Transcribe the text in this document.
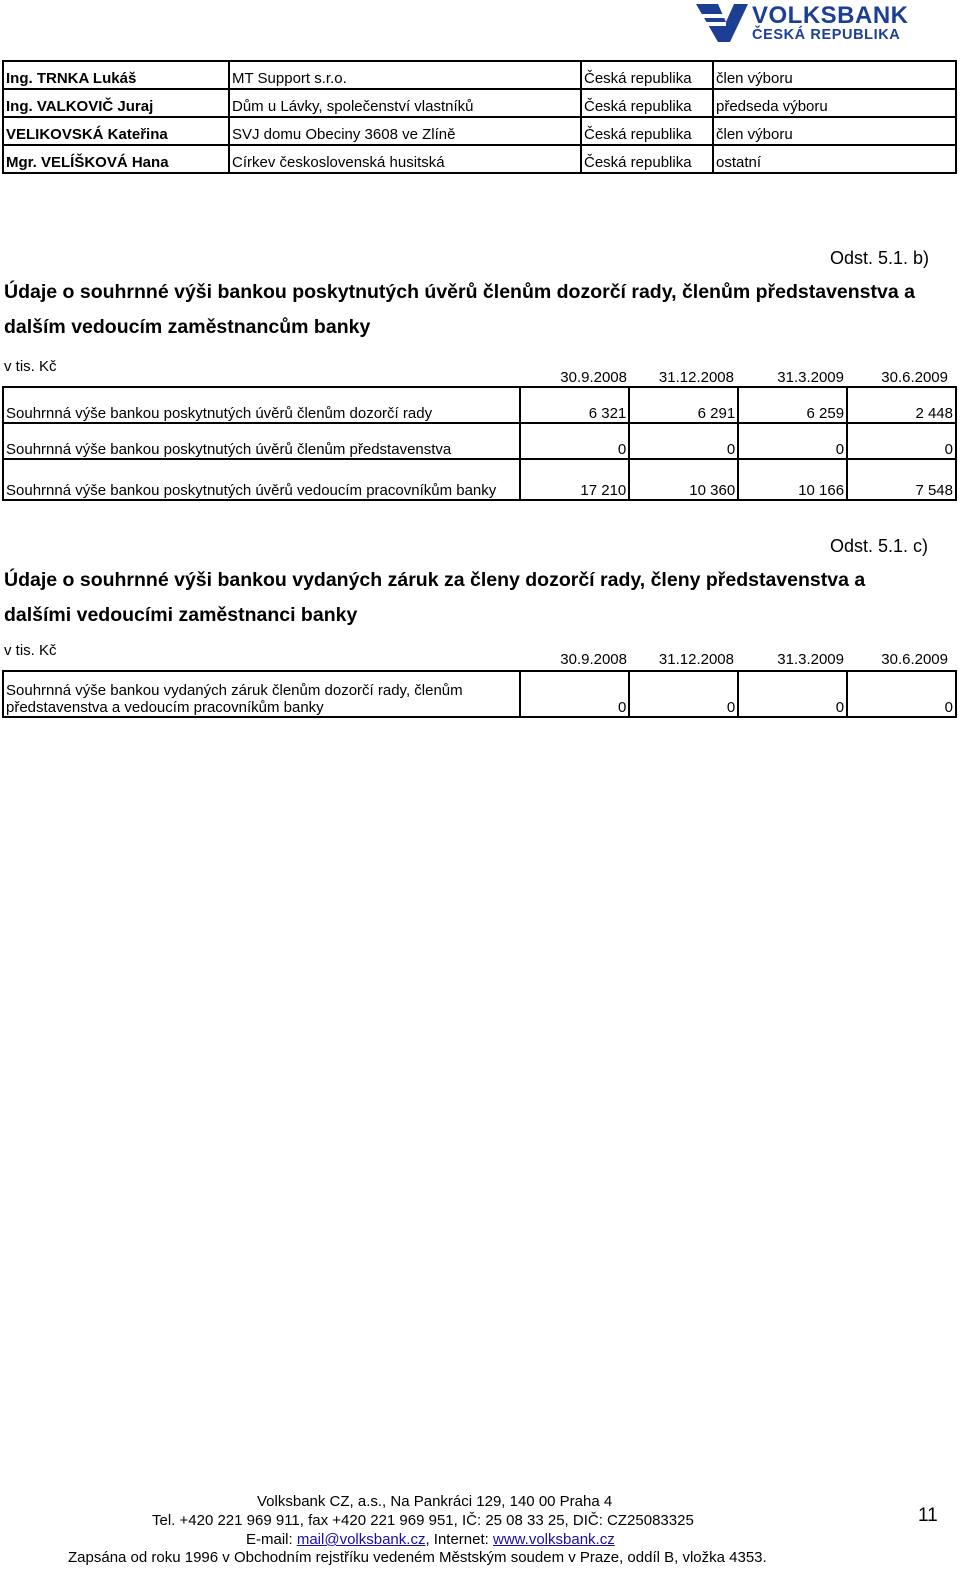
VOLKSBANK
ČESKÁ REPUBLIKA
Ing. TRNKA Lukáš	MT Support s.r.o.	Česká republika	člen výboru
Ing. VALKOVIČ Juraj	Dům u Lávky, společenství vlastníků	Česká republika	předseda výboru
VELIKOVSKÁ Kateřina	SVJ domu Obeciny 3608 ve Zlíně	Česká republika	člen výboru
Mgr. VELÍŠKOVÁ Hana	Církev československá husitská	Česká republika	ostatní
Odst. 5.1. b)
Údaje o souhrnné výši bankou poskytnutých úvěrů členům dozorčí rady, členům představenstva a dalším vedoucím zaměstnancům banky
v tis. Kč
30.9.2008	31.12.2008	31.3.2009	30.6.2009
Souhrnná výše bankou poskytnutých úvěrů členům dozorčí rady	6 321	6 291	6 259	2 448
Souhrnná výše bankou poskytnutých úvěrů členům představenstva	0	0	0	0
Souhrnná výše bankou poskytnutých úvěrů vedoucím pracovníkům banky	17 210	10 360	10 166	7 548
Odst. 5.1. c)
Údaje o souhrnné výši bankou vydaných záruk za členy dozorčí rady, členy představenstva a dalšími vedoucími zaměstnanci banky
v tis. Kč
30.9.2008	31.12.2008	31.3.2009	30.6.2009
Souhrnná výše bankou vydaných záruk členům dozorčí rady, členům představenstva a vedoucím pracovníkům banky	0	0	0	0
Volksbank CZ, a.s., Na Pankráci 129, 140 00 Praha 4
Tel. +420 221 969 911, fax +420 221 969 951, IČ: 25 08 33 25, DIČ: CZ25083325
E-mail: mail@volksbank.cz, Internet: www.volksbank.cz
Zapsána od roku 1996 v Obchodním rejstříku vedeném Městským soudem v Praze, oddíl B, vložka 4353.
11
